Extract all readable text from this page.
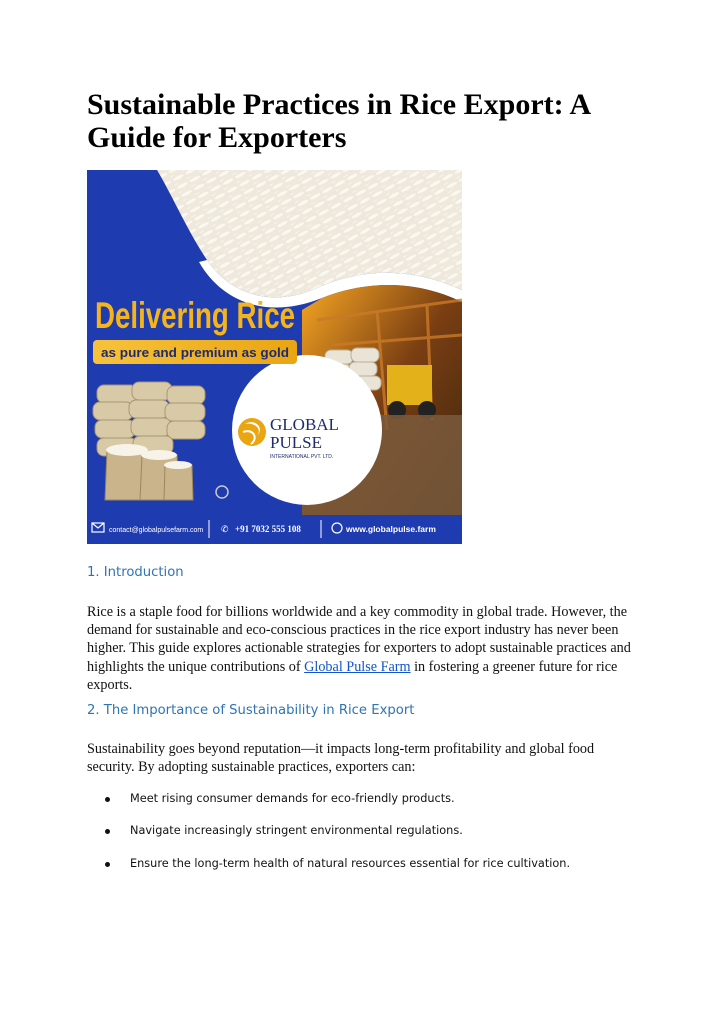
Sustainable Practices in Rice Export: A Guide for Exporters
Delivering Rice
as pure and premium as gold
GLOBAL
PULSE
INTERNATIONAL PVT. LTD.
contact@globalpulsefarm.com ✆ +91 7032 555 108	www.globalpulse.farm
1. Introduction

Rice is a staple food for billions worldwide and a key commodity in global trade. However, the demand for sustainable and eco-conscious practices in the rice export industry has never been higher. This guide explores actionable strategies for exporters to adopt sustainable practices and highlights the unique contributions of Global Pulse Farm in fostering a greener future for rice exports.

2. The Importance of Sustainability in Rice Export

Sustainability goes beyond reputation—it impacts long-term profitability and global food security. By adopting sustainable practices, exporters can:

Meet rising consumer demands for eco-friendly products.
Navigate increasingly stringent environmental regulations.
Ensure the long-term health of natural resources essential for rice cultivation.
